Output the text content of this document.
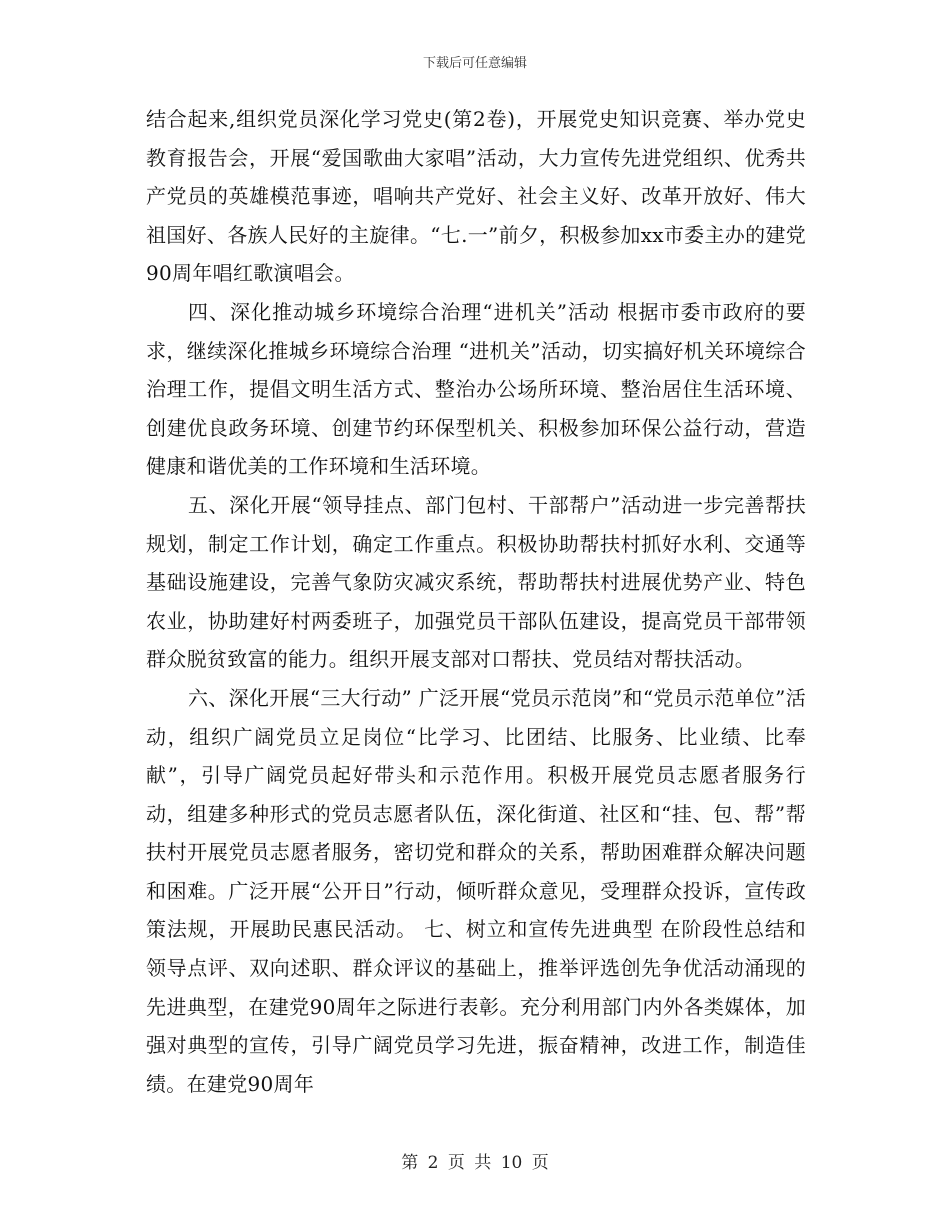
下载后可任意编辑

结合起来,组织党员深化学习党史(第2卷)，开展党史知识竞赛、举办党史教育报告会，开展“爱国歌曲大家唱”活动，大力宣传先进党组织、优秀共产党员的英雄模范事迹，唱响共产党好、社会主义好、改革开放好、伟大祖国好、各族人民好的主旋律。“七.一”前夕，积极参加xx市委主办的建党90周年唱红歌演唱会。

四、深化推动城乡环境综合治理“进机关”活动 根据市委市政府的要求，继续深化推城乡环境综合治理 “进机关”活动，切实搞好机关环境综合治理工作，提倡文明生活方式、整治办公场所环境、整治居住生活环境、创建优良政务环境、创建节约环保型机关、积极参加环保公益行动，营造健康和谐优美的工作环境和生活环境。

五、深化开展“领导挂点、部门包村、干部帮户”活动进一步完善帮扶规划，制定工作计划，确定工作重点。积极协助帮扶村抓好水利、交通等基础设施建设，完善气象防灾减灾系统，帮助帮扶村进展优势产业、特色农业，协助建好村两委班子，加强党员干部队伍建设，提高党员干部带领群众脱贫致富的能力。组织开展支部对口帮扶、党员结对帮扶活动。

六、深化开展“三大行动” 广泛开展“党员示范岗”和“党员示范单位”活动，组织广阔党员立足岗位“比学习、比团结、比服务、比业绩、比奉献”，引导广阔党员起好带头和示范作用。积极开展党员志愿者服务行动，组建多种形式的党员志愿者队伍，深化街道、社区和“挂、包、帮”帮扶村开展党员志愿者服务，密切党和群众的关系，帮助困难群众解决问题和困难。广泛开展“公开日”行动，倾听群众意见，受理群众投诉，宣传政策法规，开展助民惠民活动。 七、树立和宣传先进典型 在阶段性总结和领导点评、双向述职、群众评议的基础上，推举评选创先争优活动涌现的先进典型，在建党90周年之际进行表彰。充分利用部门内外各类媒体，加强对典型的宣传，引导广阔党员学习先进，振奋精神，改进工作，制造佳绩。在建党90周年

第 2 页 共 10 页
